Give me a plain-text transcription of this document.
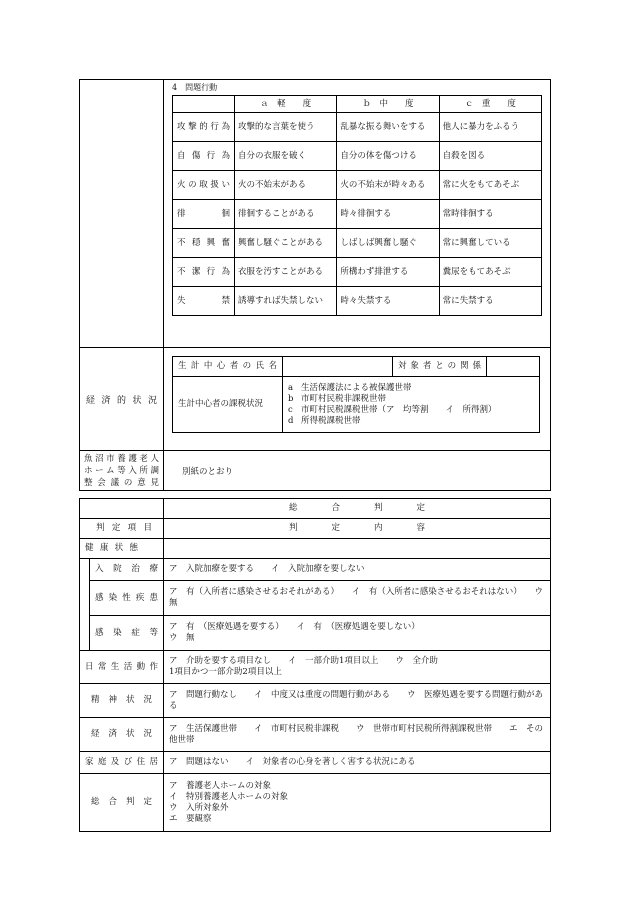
4　問題行動
	ａ　軽　　度	ｂ　中　　度	ｃ　重　　度

攻撃的行為	攻撃的な言葉を使う	乱暴な振る舞いをする	他人に暴力をふるう

自傷行為	自分の衣服を破く	自分の体を傷つける	自殺を図る

火の取扱い	火の不始末がある	火の不始末が時々ある	常に火をもてあそぶ

徘徊	徘徊することがある	時々徘徊する	常時徘徊する

不穏興奮	興奮し騒ぐことがある	しばしば興奮し騒ぐ	常に興奮している

不潔行為	衣服を汚すことがある	所構わず排泄する	糞尿をもてあそぶ

失禁	誘導すれば失禁しない	時々失禁する	常に失禁する

経済的状況

生計中心者の氏名		対象者との関係

生計中心者の課税状況	
a 生活保護法による被保護世帯
b 市町村民税非課税世帯
c 市町村民税課税世帯（ア　均等割　　イ　所得割）
d 所得税課税世帯

魚沼市養護老人
ホーム等入所調
整会議の意見
	別紙のとおり
		総　　　　合　　　　判　　　　定

判定項目		判　　　　定　　　　内　　　　容

健康状態		

	入院治療	ア　入院加療を要する　　イ　入院加療を要しない

	感染性疾患	ア　有（入所者に感染させるおそれがある）　　イ　有（入所者に感染させるおそれはない）　　ウ　無

	感染症等	ア　有　（医療処遇を要する）　　イ　有　（医療処遇を要しない）
ウ　無

日常生活動作		ア　介助を要する項目なし　　イ　一部介助1項目以上　　ウ　全介助
1項目かつ一部介助2項目以上

精神状況		ア　問題行動なし　　イ　中度又は重度の問題行動がある　　ウ　医療処遇を要する問題行動がある

経済状況		ア　生活保護世帯　　イ　市町村民税非課税　　ウ　世帯市町村民税所得割課税世帯　　エ　その他世帯

家庭及び住居		ア　問題はない　　イ　対象者の心身を著しく害する状況にある

総合判定		ア　養護老人ホームの対象
イ　特別養護老人ホームの対象
ウ　入所対象外
エ　要観察
